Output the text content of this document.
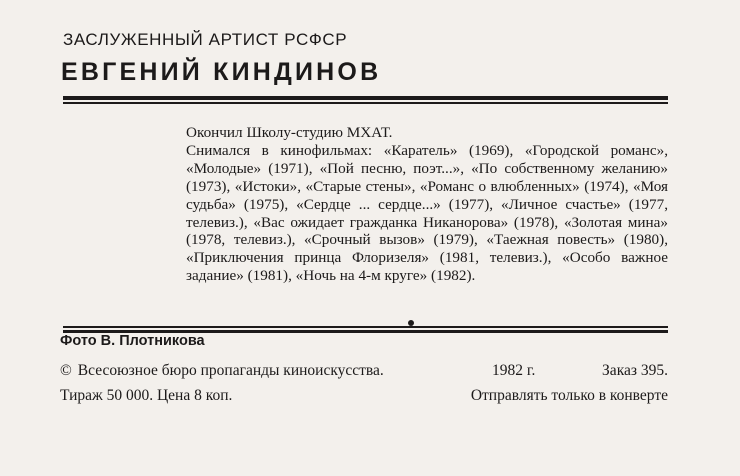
ЗАСЛУЖЕННЫЙ АРТИСТ РСФСР
ЕВГЕНИЙ КИНДИНОВ

Окончил Школу-студию МХАТ.

Снимался в кинофильмах: «Каратель» (1969), «Городской романс», «Молодые» (1971), «Пой песню, поэт...», «По собственному желанию» (1973), «Истоки», «Старые стены», «Романс о влюбленных» (1974), «Моя судьба» (1975), «Сердце ... сердце...» (1977), «Личное счастье» (1977, телевиз.), «Вас ожидает гражданка Никанорова» (1978), «Золотая мина» (1978, телевиз.), «Срочный вызов» (1979), «Таежная повесть» (1980), «Приключения принца Флоризеля» (1981, телевиз.), «Особо важное задание» (1981), «Ночь на 4-м круге» (1982).

Фото В. Плотникова
© Всесоюзное бюро пропаганды киноискусства.	1982 г.	Заказ 395.
Тираж 50 000. Цена 8 коп.	Отправлять только в конверте
